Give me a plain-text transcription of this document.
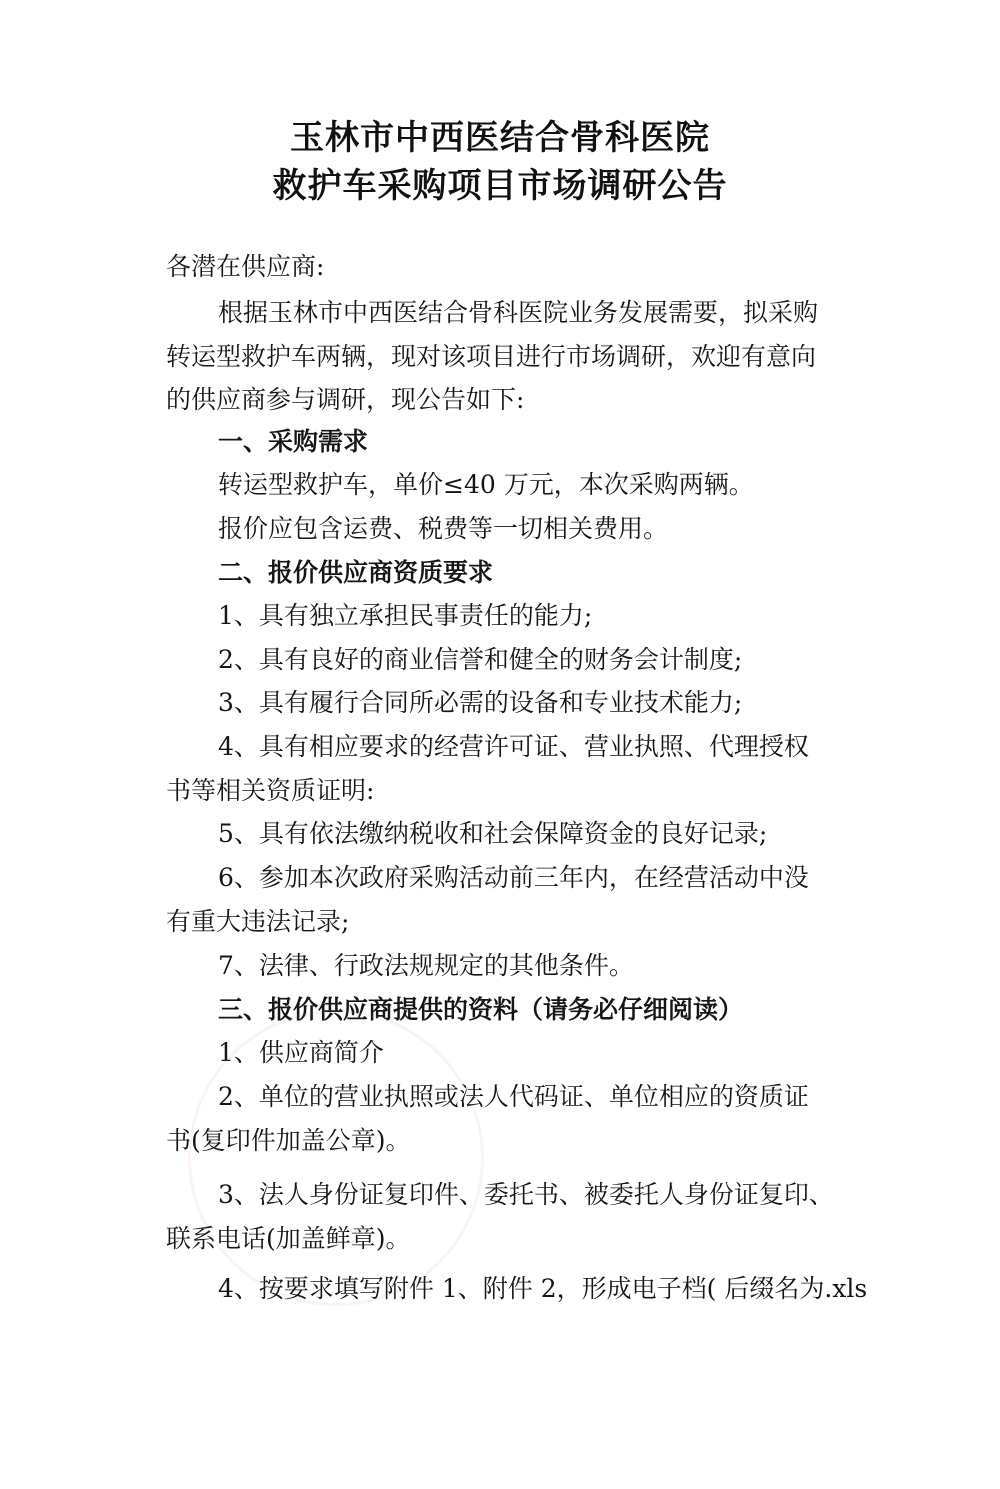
玉林市中西医结合骨科医院
救护车采购项目市场调研公告

各潜在供应商:

根据玉林市中西医结合骨科医院业务发展需要，拟采购

转运型救护车两辆，现对该项目进行市场调研，欢迎有意向

的供应商参与调研，现公告如下:

一、采购需求

转运型救护车，单价≤40 万元，本次采购两辆。

报价应包含运费、税费等一切相关费用。

二、报价供应商资质要求

1、具有独立承担民事责任的能力;

2、具有良好的商业信誉和健全的财务会计制度;

3、具有履行合同所必需的设备和专业技术能力;

4、具有相应要求的经营许可证、营业执照、代理授权

书等相关资质证明:

5、具有依法缴纳税收和社会保障资金的良好记录;

6、参加本次政府采购活动前三年内，在经营活动中没

有重大违法记录;

7、法律、行政法规规定的其他条件。

三、报价供应商提供的资料（请务必仔细阅读）

1、供应商简介

2、单位的营业执照或法人代码证、单位相应的资质证

书(复印件加盖公章)。

3、法人身份证复印件、委托书、被委托人身份证复印、

联系电话(加盖鲜章)。

4、按要求填写附件 1、附件 2，形成电子档( 后缀名为.xls
